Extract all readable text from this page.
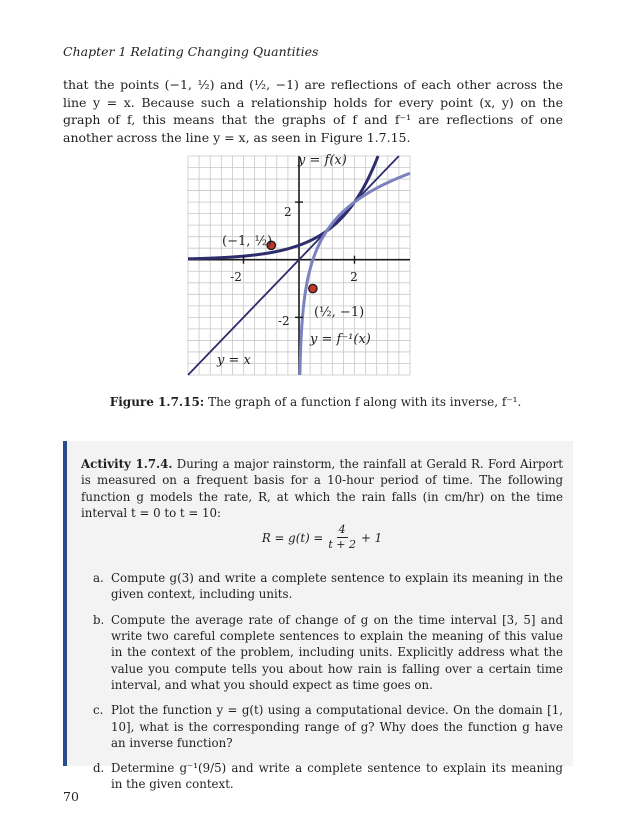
Chapter 1 Relating Changing Quantities

that the points (−1, ½) and (½, −1) are reflections of each other across the line y = x. Because such a relationship holds for every point (x, y) on the graph of f, this means that the graphs of f and f⁻¹ are reflections of one another across the line y = x, as seen in Figure 1.7.15.

y = f(x)
y = f⁻¹(x)
y = x
(−1, ½)
(½, −1)
-2	2
2
-2
Figure 1.7.15: The graph of a function f along with its inverse, f⁻¹.

Activity 1.7.4. During a major rainstorm, the rainfall at Gerald R. Ford Airport is measured on a frequent basis for a 10-hour period of time. The following function g models the rate, R, at which the rain falls (in cm/hr) on the time interval t = 0 to t = 10:

$R = g(t) = \frac{4}{t + 2} + 1$
a. Compute g(3) and write a complete sentence to explain its meaning in the given context, including units.
b. Compute the average rate of change of g on the time interval [3, 5] and write two careful complete sentences to explain the meaning of this value in the context of the problem, including units. Explicitly address what the value you compute tells you about how rain is falling over a certain time interval, and what you should expect as time goes on.
c. Plot the function y = g(t) using a computational device. On the domain [1, 10], what is the corresponding range of g? Why does the function g have an inverse function?
d. Determine g⁻¹(9/5) and write a complete sentence to explain its meaning in the given context.
70
